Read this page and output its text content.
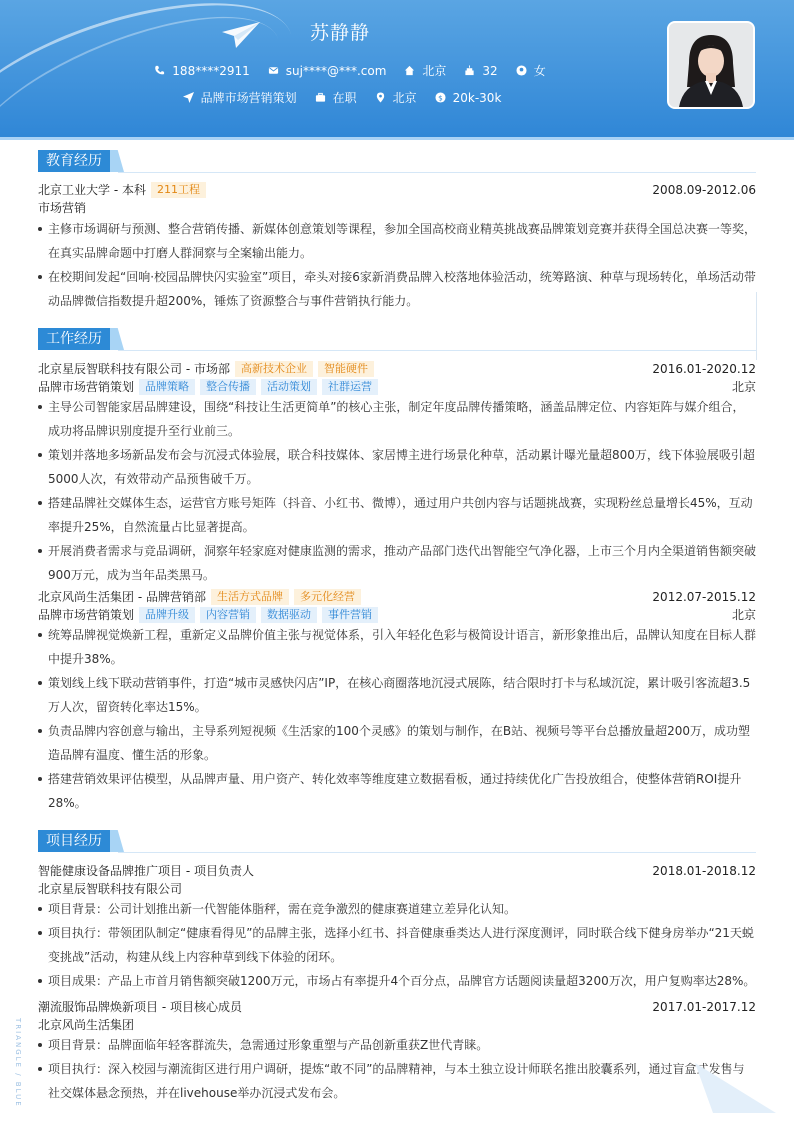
苏静静
188****2911	suj****@***.com	北京	32	女
品牌市场营销策划	在职	北京	$ 20k-30k
教育经历
北京工业大学 - 本科	211工程	2008.09-2012.06
市场营销
主修市场调研与预测、整合营销传播、新媒体创意策划等课程，参加全国高校商业精英挑战赛品牌策划竞赛并获得全国总决赛一等奖，在真实品牌命题中打磨人群洞察与全案输出能力。
在校期间发起“回响·校园品牌快闪实验室”项目，牵头对接6家新消费品牌入校落地体验活动，统筹路演、种草与现场转化，单场活动带动品牌微信指数提升超200%，锤炼了资源整合与事件营销执行能力。
工作经历
北京星辰智联科技有限公司 - 市场部	高新技术企业	智能硬件	2016.01-2020.12
品牌市场营销策划	品牌策略	整合传播	活动策划	社群运营	北京
主导公司智能家居品牌建设，围绕“科技让生活更简单”的核心主张，制定年度品牌传播策略，涵盖品牌定位、内容矩阵与媒介组合，成功将品牌识别度提升至行业前三。
策划并落地多场新品发布会与沉浸式体验展，联合科技媒体、家居博主进行场景化种草，活动累计曝光量超800万，线下体验展吸引超5000人次，有效带动产品预售破千万。
搭建品牌社交媒体生态，运营官方账号矩阵（抖音、小红书、微博），通过用户共创内容与话题挑战赛，实现粉丝总量增长45%，互动率提升25%，自然流量占比显著提高。
开展消费者需求与竞品调研，洞察年轻家庭对健康监测的需求，推动产品部门迭代出智能空气净化器，上市三个月内全渠道销售额突破900万元，成为当年品类黑马。
北京风尚生活集团 - 品牌营销部	生活方式品牌	多元化经营	2012.07-2015.12
品牌市场营销策划	品牌升级	内容营销	数据驱动	事件营销	北京
统筹品牌视觉焕新工程，重新定义品牌价值主张与视觉体系，引入年轻化色彩与极简设计语言，新形象推出后，品牌认知度在目标人群中提升38%。
策划线上线下联动营销事件，打造“城市灵感快闪店”IP，在核心商圈落地沉浸式展陈，结合限时打卡与私域沉淀，累计吸引客流超3.5万人次，留资转化率达15%。
负责品牌内容创意与输出，主导系列短视频《生活家的100个灵感》的策划与制作，在B站、视频号等平台总播放量超200万，成功塑造品牌有温度、懂生活的形象。
搭建营销效果评估模型，从品牌声量、用户资产、转化效率等维度建立数据看板，通过持续优化广告投放组合，使整体营销ROI提升28%。
项目经历
智能健康设备品牌推广项目 - 项目负责人	2018.01-2018.12
北京星辰智联科技有限公司
项目背景：公司计划推出新一代智能体脂秤，需在竞争激烈的健康赛道建立差异化认知。
项目执行：带领团队制定“健康看得见”的品牌主张，选择小红书、抖音健康垂类达人进行深度测评，同时联合线下健身房举办“21天蜕变挑战”活动，构建从线上内容种草到线下体验的闭环。
项目成果：产品上市首月销售额突破1200万元，市场占有率提升4个百分点，品牌官方话题阅读量超3200万次，用户复购率达28%。
潮流服饰品牌焕新项目 - 项目核心成员	2017.01-2017.12
北京风尚生活集团
项目背景：品牌面临年轻客群流失，急需通过形象重塑与产品创新重获Z世代青睐。
项目执行：深入校园与潮流街区进行用户调研，提炼“敢不同”的品牌精神，与本土独立设计师联名推出胶囊系列，通过盲盒式发售与社交媒体悬念预热，并在livehouse举办沉浸式发布会。
TRIANGLE / BLUE
